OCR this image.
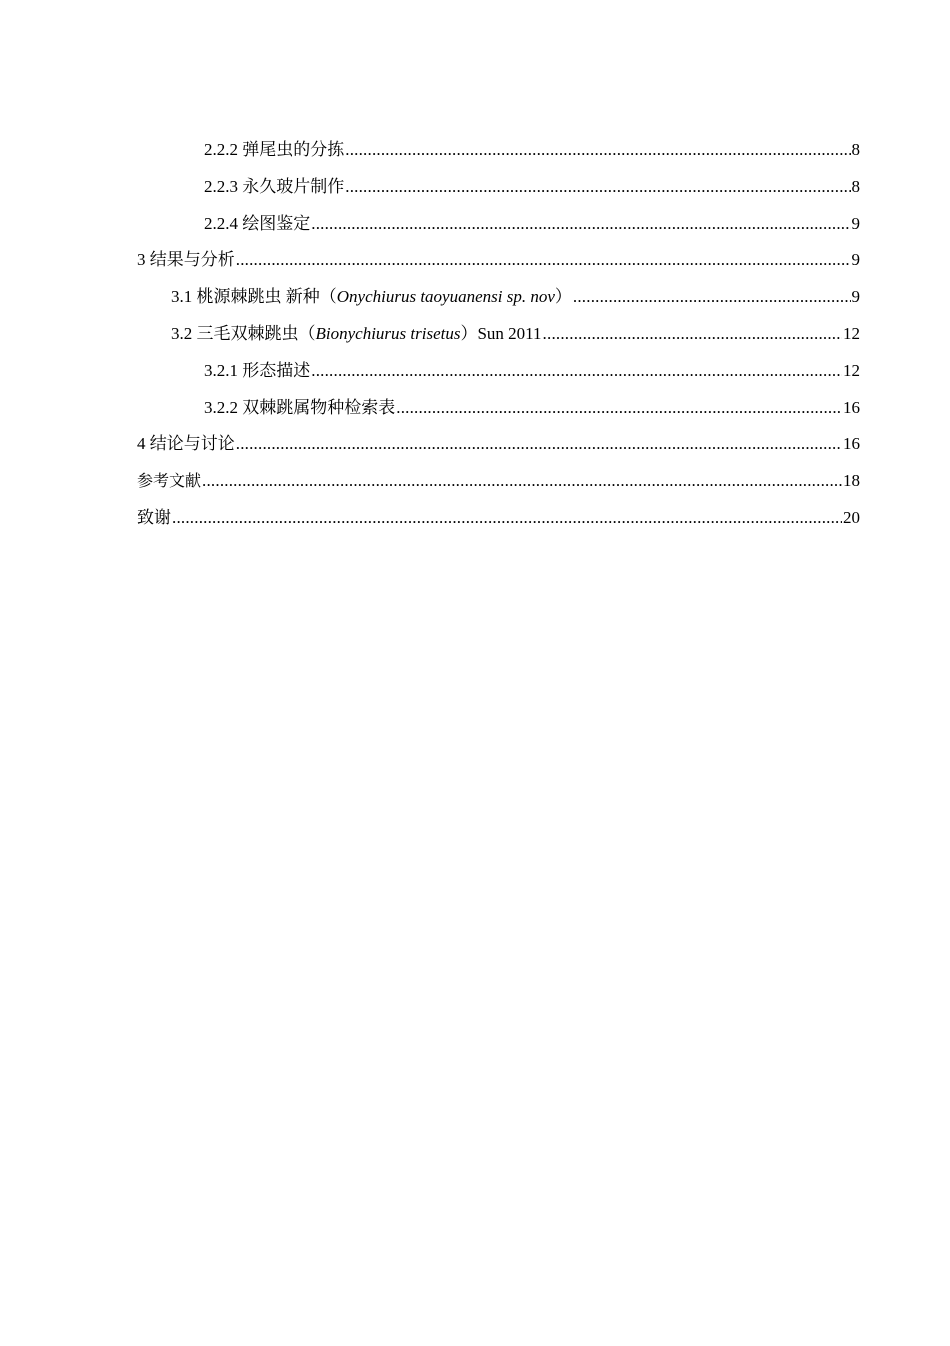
2.2.2 弹尾虫的分拣 .....	8
2.2.3 永久玻片制作 .....	8
2.2.4 绘图鉴定 .....	9
3 结果与分析 .....	9
3.1 桃源棘跳虫 新种（Onychiurus taoyuanensi sp. nov） .....	9
3.2 三毛双棘跳虫（Bionychiurus trisetus）Sun 2011 .....	12
3.2.1 形态描述 .....	12
3.2.2 双棘跳属物种检索表 .....	16
4 结论与讨论 .....	16
参考文献 .....	18
致谢 .....	20
